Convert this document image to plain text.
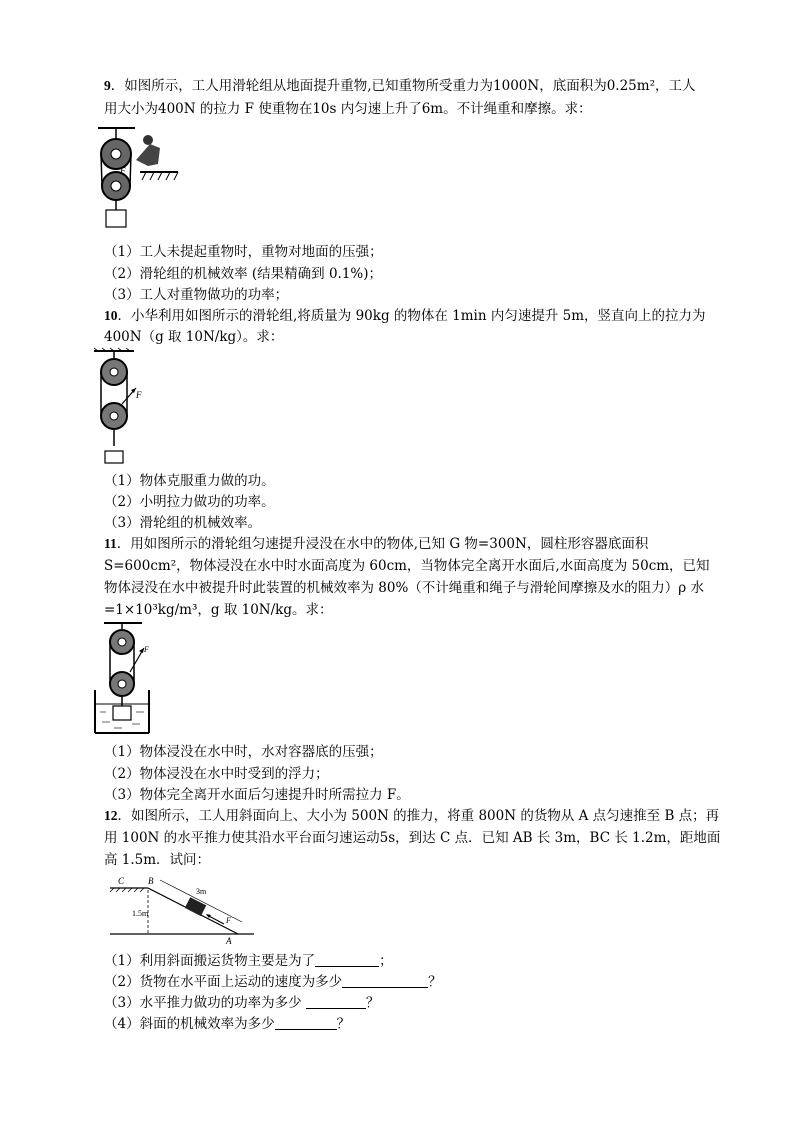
9．如图所示，工人用滑轮组从地面提升重物,已知重物所受重力为1000N，底面积为0.25m²，工人
用大小为400N 的拉力 F 使重物在10s 内匀速上升了6m。不计绳重和摩擦。求：
F
（1）工人未提起重物时，重物对地面的压强；
（2）滑轮组的机械效率 (结果精确到 0.1%)；
（3）工人对重物做功的功率；
10．小华利用如图所示的滑轮组,将质量为 90kg 的物体在 1min 内匀速提升 5m，竖直向上的拉力为
400N（g 取 10N/kg）。求：
F
（1）物体克服重力做的功。
（2）小明拉力做功的功率。
（3）滑轮组的机械效率。
11．用如图所示的滑轮组匀速提升浸没在水中的物体,已知 G 物=300N，圆柱形容器底面积
S=600cm²，物体浸没在水中时水面高度为 60cm，当物体完全离开水面后,水面高度为 50cm，已知
物体浸没在水中被提升时此装置的机械效率为 80%（不计绳重和绳子与滑轮间摩擦及水的阻力）ρ 水
=1×10³kg/m³，g 取 10N/kg。求：
F
（1）物体浸没在水中时，水对容器底的压强；
（2）物体浸没在水中时受到的浮力；
（3）物体完全离开水面后匀速提升时所需拉力 F。
12．如图所示，工人用斜面向上、大小为 500N 的推力，将重 800N 的货物从 A 点匀速推至 B 点；再
用 100N 的水平推力使其沿水平台面匀速运动5s，到达 C 点．已知 AB 长 3m，BC 长 1.2m，距地面
高 1.5m．试问：
C	B
A
F
3m
1.5m
（1）利用斜面搬运货物主要是为了	；
（2）货物在水平面上运动的速度为多少	？
（3）水平推力做功的功率为多少	？
（4）斜面的机械效率为多少	？
